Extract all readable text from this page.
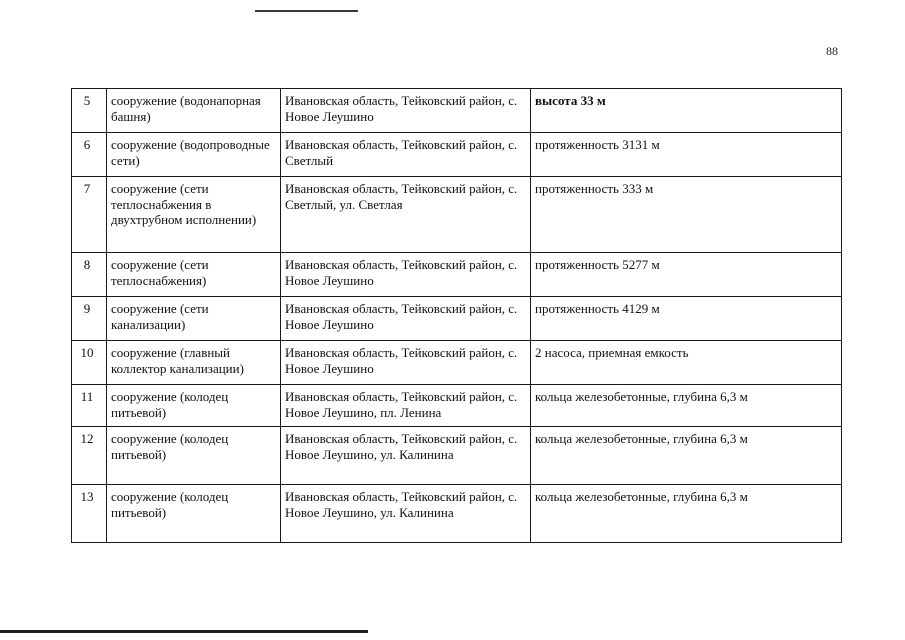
88
5	сооружение (водонапорная башня)	Ивановская область, Тейковский район, с. Новое Леушино	высота 33 м
6	сооружение (водопроводные сети)	Ивановская область, Тейковский район, с. Светлый	протяженность 3131 м
7	сооружение (сети теплоснабжения в двухтрубном исполнении)	Ивановская область, Тейковский район, с. Светлый, ул. Светлая	протяженность 333 м
8	сооружение (сети теплоснабжения)	Ивановская область, Тейковский район, с. Новое Леушино	протяженность 5277 м
9	сооружение (сети канализации)	Ивановская область, Тейковский район, с. Новое Леушино	протяженность 4129 м
10	сооружение (главный коллектор канализации)	Ивановская область, Тейковский район, с. Новое Леушино	2 насоса, приемная емкость
11	сооружение (колодец питьевой)	Ивановская область, Тейковский район, с. Новое Леушино, пл. Ленина	кольца железобетонные, глубина 6,3 м
12	сооружение (колодец питьевой)	Ивановская область, Тейковский район, с. Новое Леушино, ул. Калинина	кольца железобетонные, глубина 6,3 м
13	сооружение (колодец питьевой)	Ивановская область, Тейковский район, с. Новое Леушино, ул. Калинина	кольца железобетонные, глубина 6,3 м
